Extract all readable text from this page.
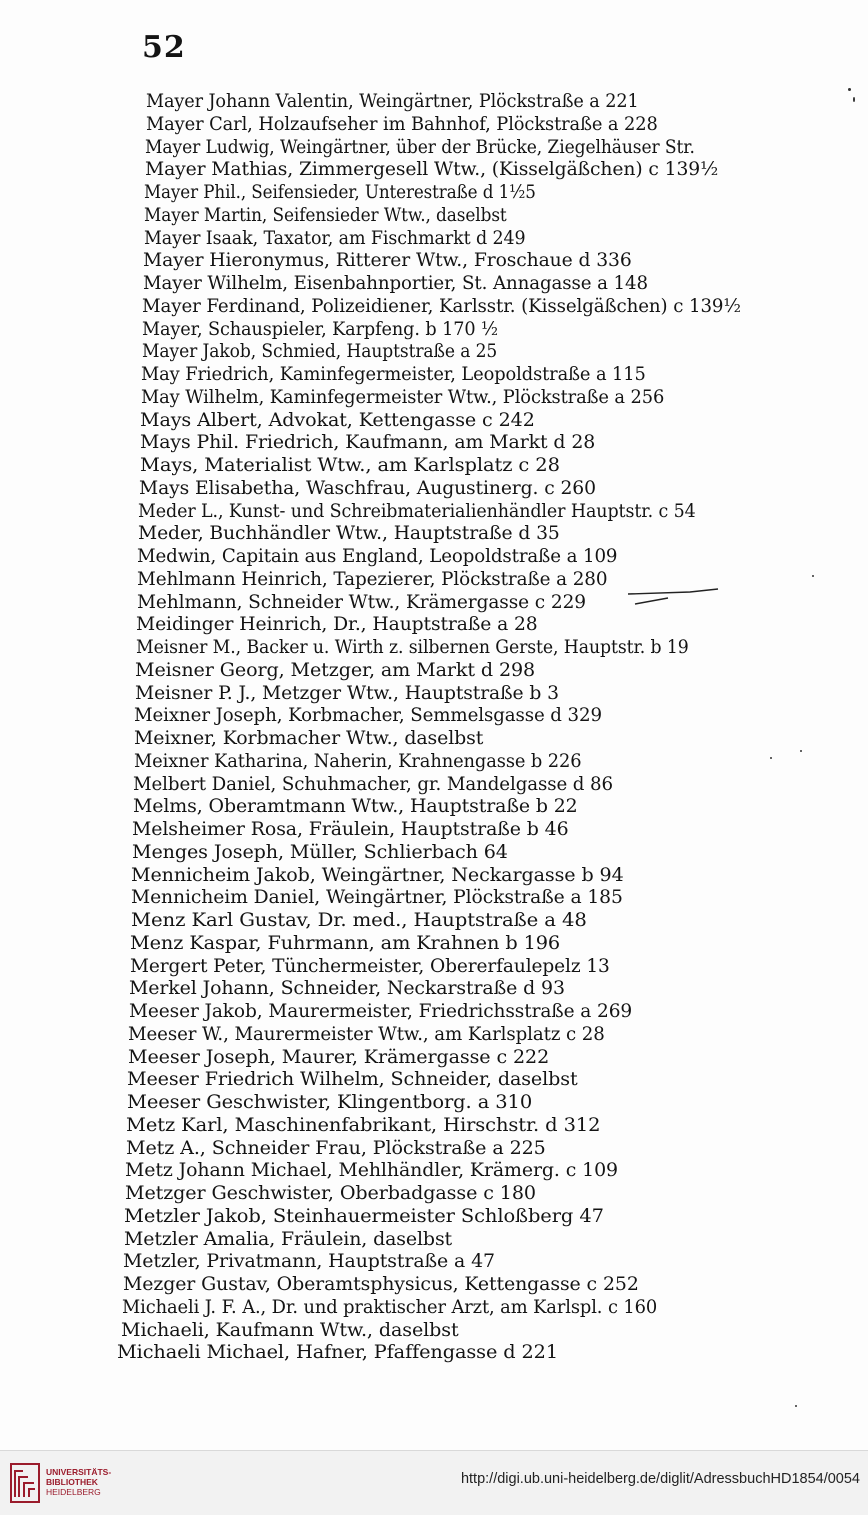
52
Mayer Johann Valentin, Weingärtner, Plöckstraße a 221
Mayer Carl, Holzaufseher im Bahnhof, Plöckstraße a 228
Mayer Ludwig, Weingärtner, über der Brücke, Ziegelhäuser Str.
Mayer Mathias, Zimmergesell Wtw., (Kisselgäßchen) c 139½
Mayer Phil., Seifensieder, Unterestraße d 1½5
Mayer Martin, Seifensieder Wtw., daselbst
Mayer Isaak, Taxator, am Fischmarkt d 249
Mayer Hieronymus, Ritterer Wtw., Froschaue d 336
Mayer Wilhelm, Eisenbahnportier, St. Annagasse a 148
Mayer Ferdinand, Polizeidiener, Karlsstr. (Kisselgäßchen) c 139½
Mayer, Schauspieler, Karpfeng. b 170 ½
Mayer Jakob, Schmied, Hauptstraße a 25
May Friedrich, Kaminfegermeister, Leopoldstraße a 115
May Wilhelm, Kaminfegermeister Wtw., Plöckstraße a 256
Mays Albert, Advokat, Kettengasse c 242
Mays Phil. Friedrich, Kaufmann, am Markt d 28
Mays, Materialist Wtw., am Karlsplatz c 28
Mays Elisabetha, Waschfrau, Augustinerg. c 260
Meder L., Kunst- und Schreibmaterialienhändler Hauptstr. c 54
Meder, Buchhändler Wtw., Hauptstraße d 35
Medwin, Capitain aus England, Leopoldstraße a 109
Mehlmann Heinrich, Tapezierer, Plöckstraße a 280
Mehlmann, Schneider Wtw., Krämergasse c 229
Meidinger Heinrich, Dr., Hauptstraße a 28
Meisner M., Backer u. Wirth z. silbernen Gerste, Hauptstr. b 19
Meisner Georg, Metzger, am Markt d 298
Meisner P. J., Metzger Wtw., Hauptstraße b 3
Meixner Joseph, Korbmacher, Semmelsgasse d 329
Meixner, Korbmacher Wtw., daselbst
Meixner Katharina, Naherin, Krahnengasse b 226
Melbert Daniel, Schuhmacher, gr. Mandelgasse d 86
Melms, Oberamtmann Wtw., Hauptstraße b 22
Melsheimer Rosa, Fräulein, Hauptstraße b 46
Menges Joseph, Müller, Schlierbach 64
Mennicheim Jakob, Weingärtner, Neckargasse b 94
Mennicheim Daniel, Weingärtner, Plöckstraße a 185
Menz Karl Gustav, Dr. med., Hauptstraße a 48
Menz Kaspar, Fuhrmann, am Krahnen b 196
Mergert Peter, Tünchermeister, Obererfaulepelz 13
Merkel Johann, Schneider, Neckarstraße d 93
Meeser Jakob, Maurermeister, Friedrichsstraße a 269
Meeser W., Maurermeister Wtw., am Karlsplatz c 28
Meeser Joseph, Maurer, Krämergasse c 222
Meeser Friedrich Wilhelm, Schneider, daselbst
Meeser Geschwister, Klingentborg. a 310
Metz Karl, Maschinenfabrikant, Hirschstr. d 312
Metz A., Schneider Frau, Plöckstraße a 225
Metz Johann Michael, Mehlhändler, Krämerg. c 109
Metzger Geschwister, Oberbadgasse c 180
Metzler Jakob, Steinhauermeister Schloßberg 47
Metzler Amalia, Fräulein, daselbst
Metzler, Privatmann, Hauptstraße a 47
Mezger Gustav, Oberamtsphysicus, Kettengasse c 252
Michaeli J. F. A., Dr. und praktischer Arzt, am Karlspl. c 160
Michaeli, Kaufmann Wtw., daselbst
Michaeli Michael, Hafner, Pfaffengasse d 221
UNIVERSITÄTS-
BIBLIOTHEK
HEIDELBERG
http://digi.ub.uni-heidelberg.de/diglit/AdressbuchHD1854/0054
